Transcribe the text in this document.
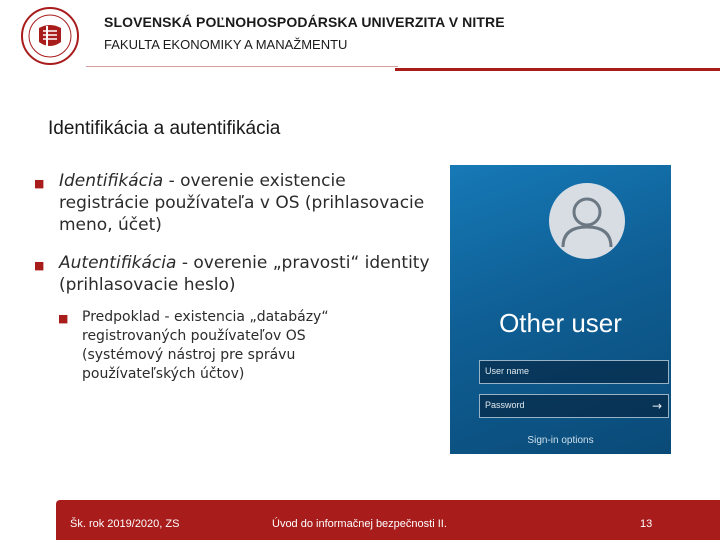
SLOVENSKÁ POĽNOHOSPODÁRSKA UNIVERZITA V NITRE
FAKULTA EKONOMIKY A MANAŽMENTU
Identifikácia a autentifikácia
■ Identifikácia - overenie existencie registrácie používateľa v OS (prihlasovacie meno, účet)
■ Autentifikácia - overenie „pravosti“ identity (prihlasovacie heslo)
■ Predpoklad - existencia „databázy“ registrovaných používateľov OS (systémový nástroj pre správu používateľských účtov)
Other user
User name
Password	→
Sign-in options
Šk. rok 2019/2020, ZS	Úvod do informačnej bezpečnosti II.	13
